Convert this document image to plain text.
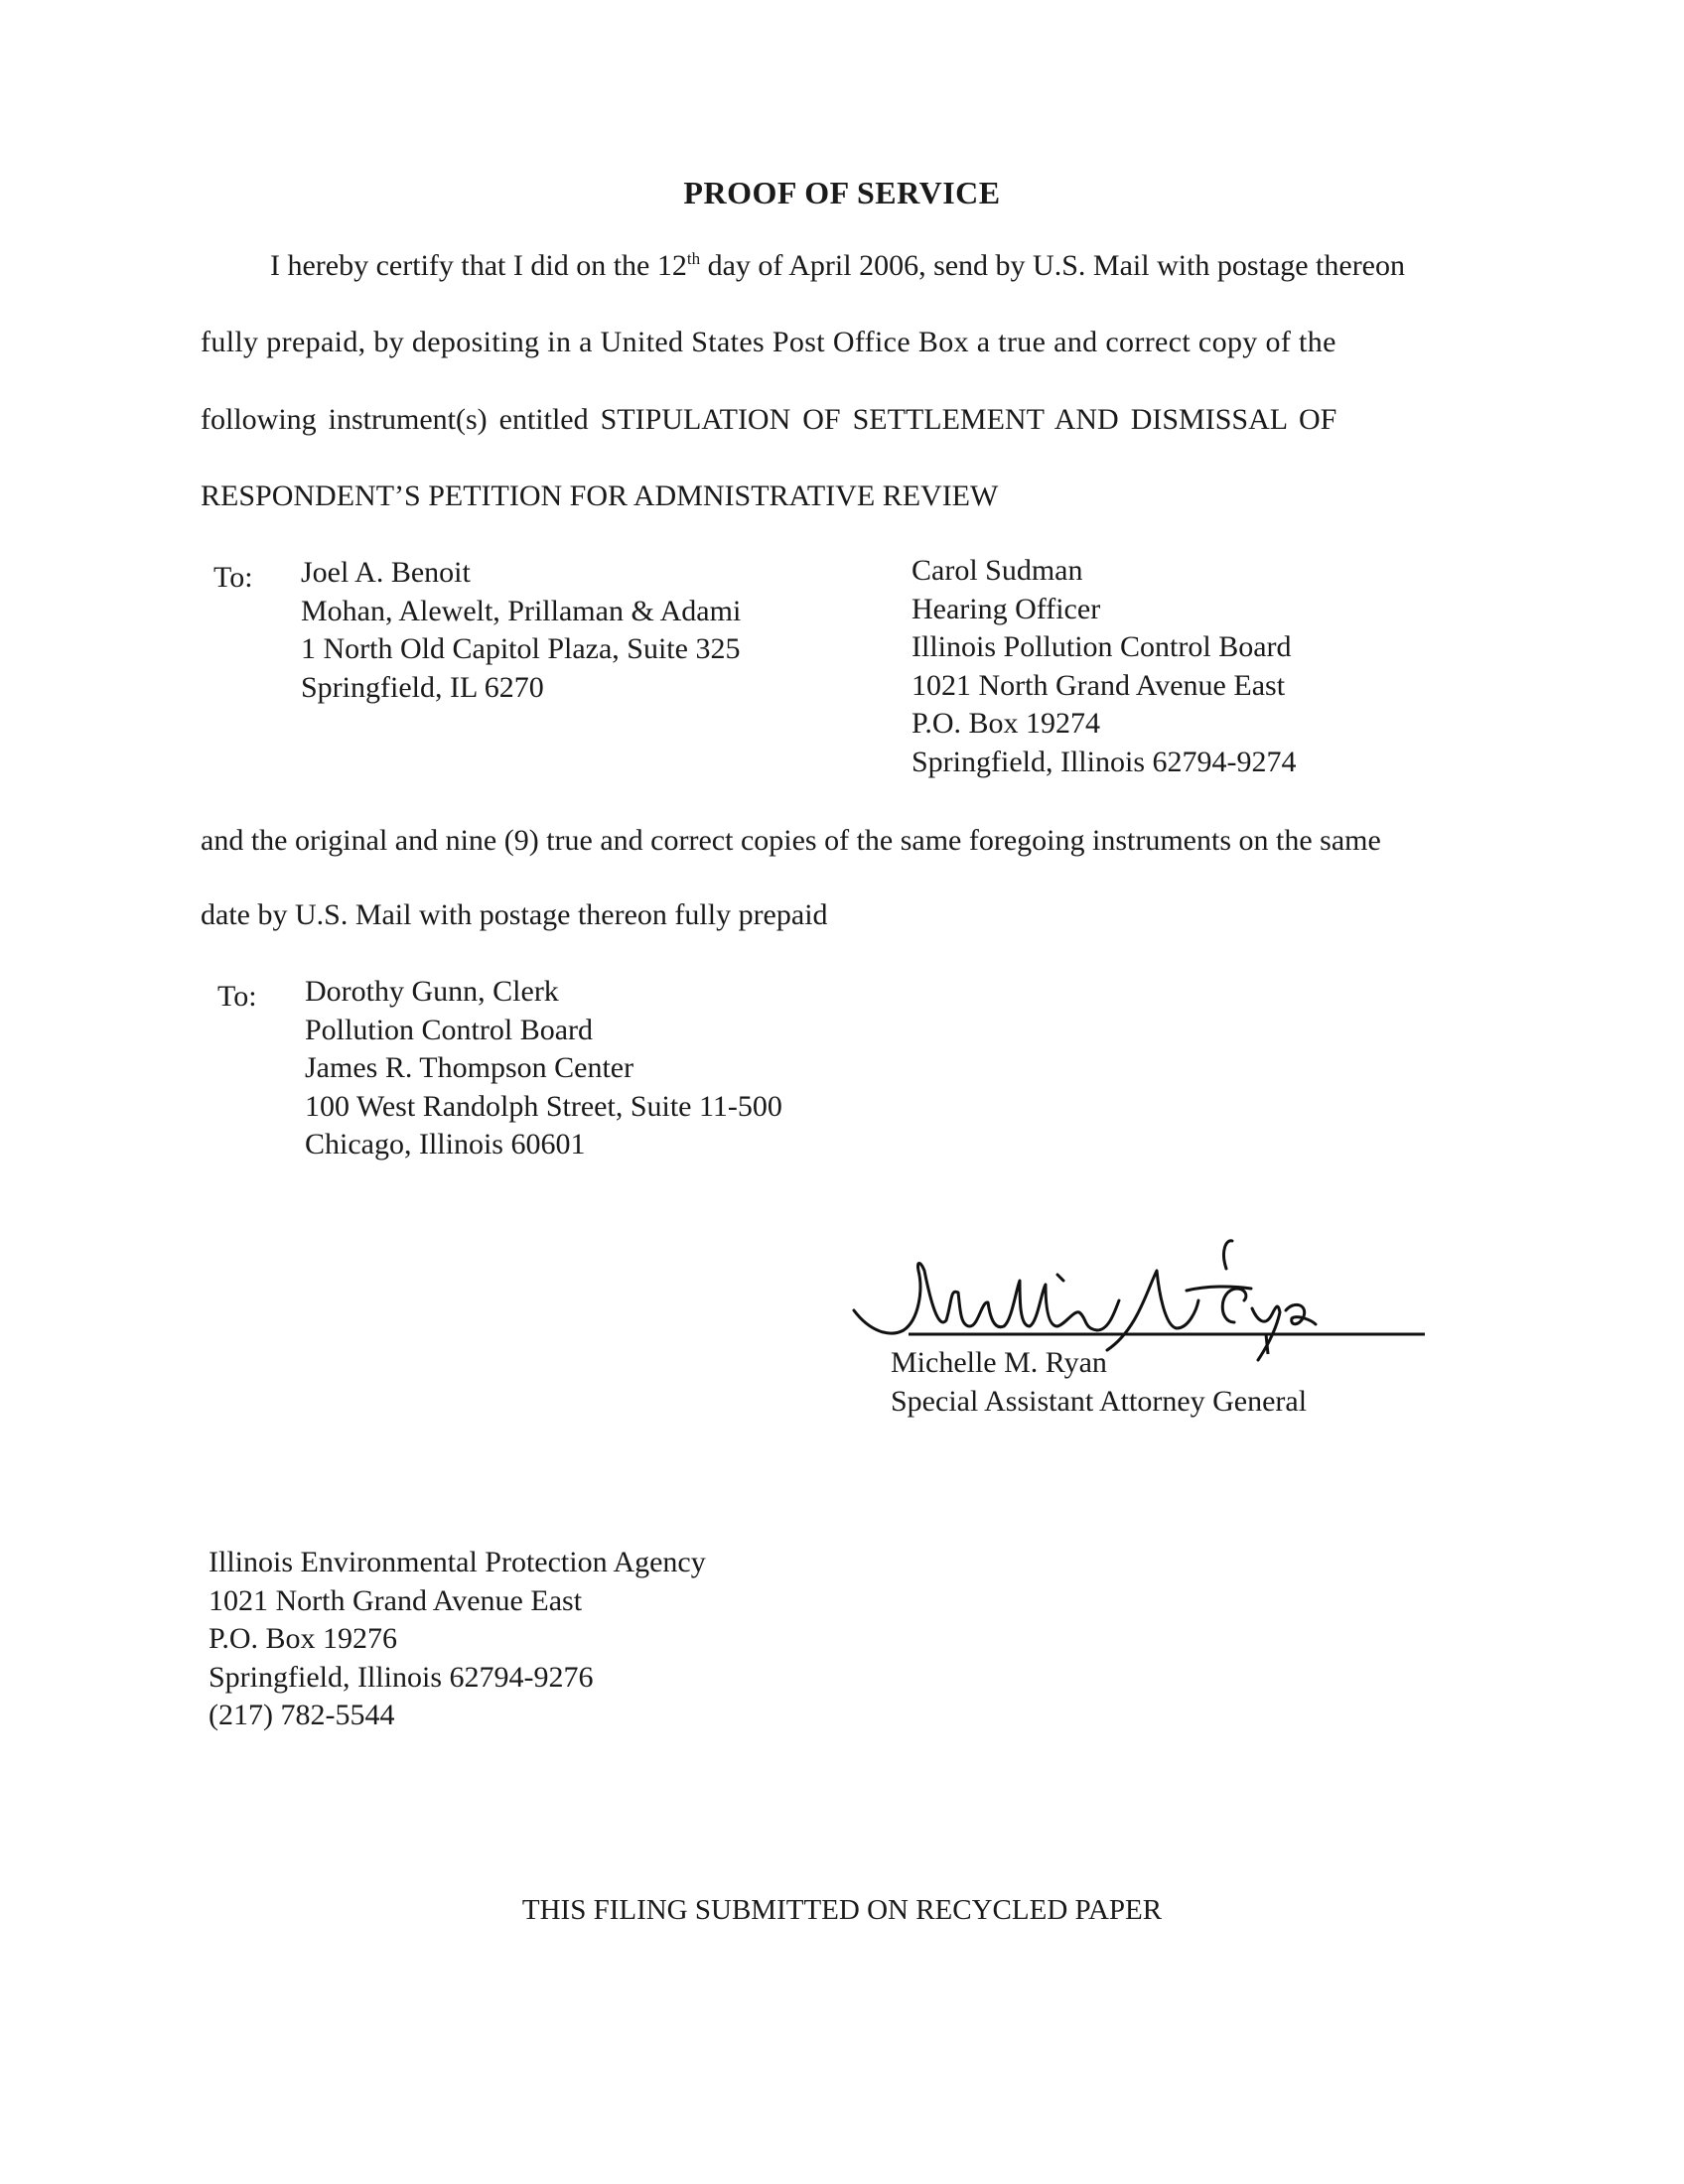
PROOF OF SERVICE
I hereby certify that I did on the 12th day of April 2006, send by U.S. Mail with postage thereon
fully prepaid, by depositing in a United States Post Office Box a true and correct copy of the
following instrument(s) entitled STIPULATION OF SETTLEMENT AND DISMISSAL OF
RESPONDENT’S PETITION FOR ADMNISTRATIVE REVIEW
To: Joel A. Benoit
Mohan, Alewelt, Prillaman & Adami
1 North Old Capitol Plaza, Suite 325
Springfield, IL 6270
Carol Sudman
Hearing Officer
Illinois Pollution Control Board
1021 North Grand Avenue East
P.O. Box 19274
Springfield, Illinois 62794-9274
and the original and nine (9) true and correct copies of the same foregoing instruments on the same
date by U.S. Mail with postage thereon fully prepaid
To: Dorothy Gunn, Clerk
Pollution Control Board
James R. Thompson Center
100 West Randolph Street, Suite 11-500
Chicago, Illinois 60601
Michelle M. Ryan
Special Assistant Attorney General
Illinois Environmental Protection Agency
1021 North Grand Avenue East
P.O. Box 19276
Springfield, Illinois 62794-9276
(217) 782-5544
THIS FILING SUBMITTED ON RECYCLED PAPER
